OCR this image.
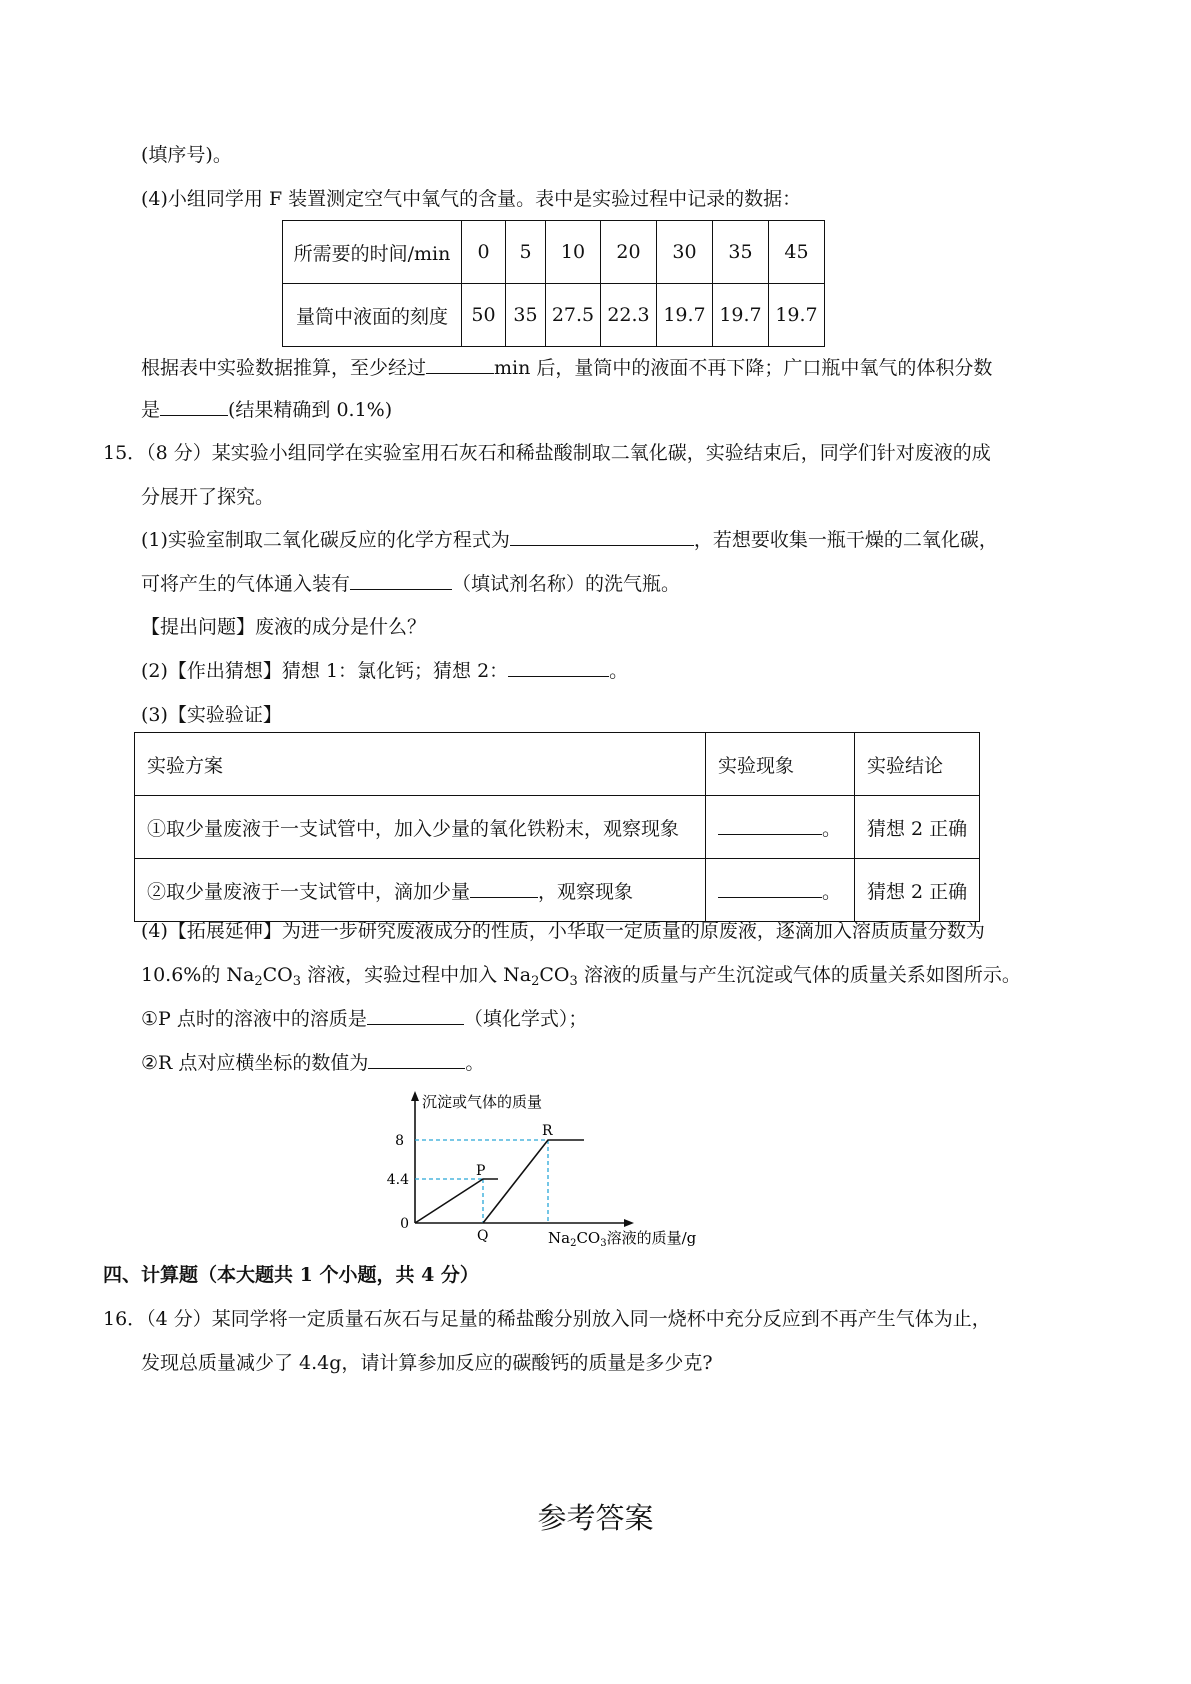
(填序号)。
(4)小组同学用 F 装置测定空气中氧气的含量。表中是实验过程中记录的数据：
所需要的时间/min	0	5	10	20	30	35	45
量筒中液面的刻度	50	35	27.5	22.3	19.7	19.7	19.7
根据表中实验数据推算，至少经过	min 后，量筒中的液面不再下降；广口瓶中氧气的体积分数
是	(结果精确到 0.1%)
15．（8 分）某实验小组同学在实验室用石灰石和稀盐酸制取二氧化碳，实验结束后，同学们针对废液的成
分展开了探究。
(1)实验室制取二氧化碳反应的化学方程式为	，若想要收集一瓶干燥的二氧化碳，
可将产生的气体通入装有	（填试剂名称）的洗气瓶。
【提出问题】废液的成分是什么？
(2)【作出猜想】猜想 1：氯化钙；猜想 2：	。
(3)【实验验证】
实验方案	实验现象	实验结论
①取少量废液于一支试管中，加入少量的氧化铁粉末，观察现象	。	猜想 2 正确
②取少量废液于一支试管中，滴加少量 ，观察现象	。	猜想 2 正确
(4)【拓展延伸】为进一步研究废液成分的性质，小华取一定质量的原废液，逐滴加入溶质质量分数为
10.6%的 $Na_2CO_3$ 溶液，实验过程中加入 $Na_2CO_3$ 溶液的质量与产生沉淀或气体的质量关系如图所示。
①P 点时的溶液中的溶质是	（填化学式）；
②R 点对应横坐标的数值为	。
沉淀或气体的质量
8
4.4
0
P
Q
R
$Na_2CO_3$溶液的质量/g
四、计算题（本大题共 1 个小题，共 4 分）
16．（4 分）某同学将一定质量石灰石与足量的稀盐酸分别放入同一烧杯中充分反应到不再产生气体为止，
发现总质量减少了 4.4g，请计算参加反应的碳酸钙的质量是多少克?
参考答案
